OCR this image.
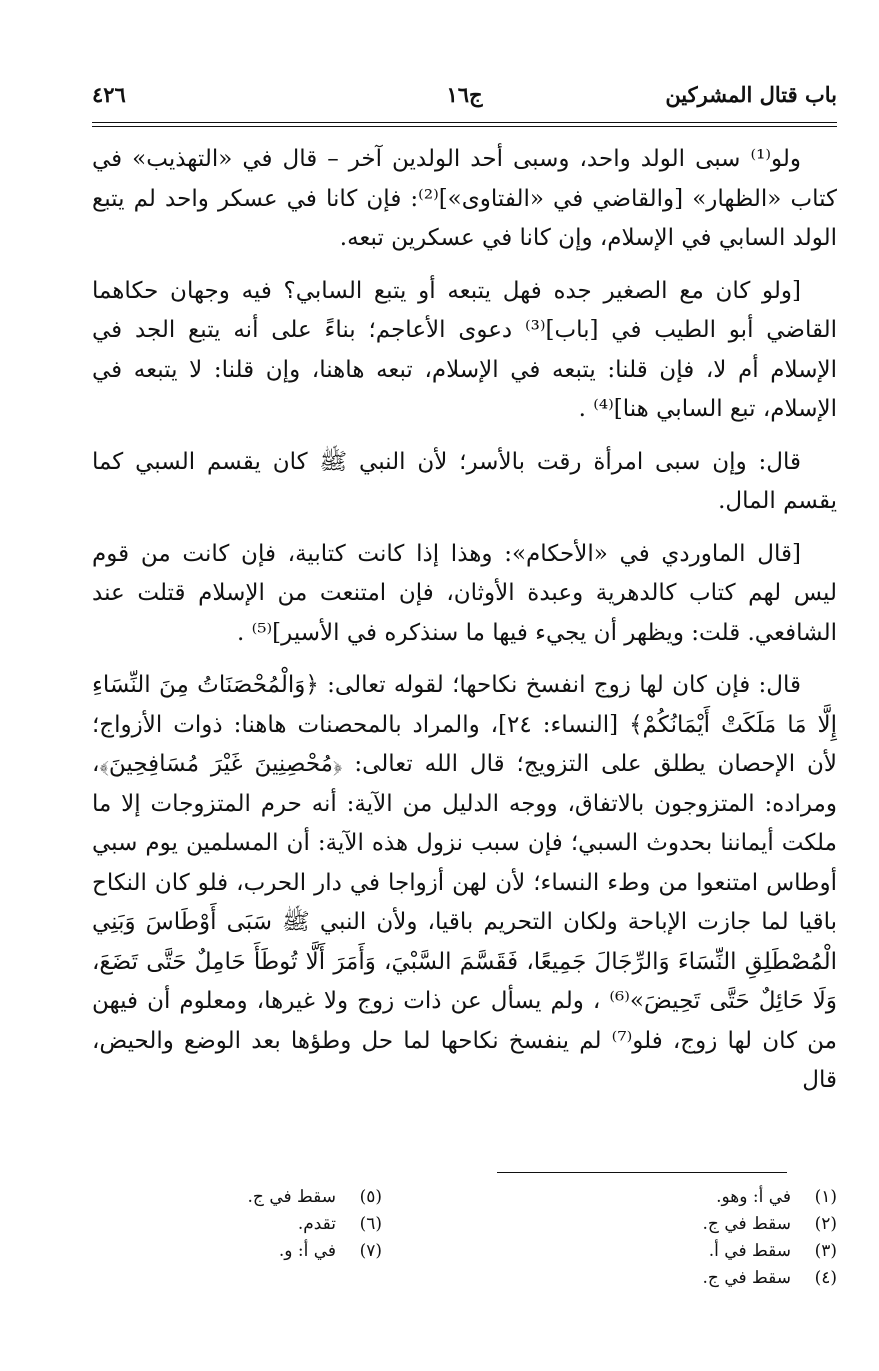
باب قتال المشركين
ج١٦
٤٢٦

ولو⁽¹⁾ سبى الولد واحد، وسبى أحد الولدين آخر – قال في «التهذيب» في كتاب «الظهار» [والقاضي في «الفتاوى»]⁽²⁾: فإن كانا في عسكر واحد لم يتبع الولد السابي في الإسلام، وإن كانا في عسكرين تبعه.

[ولو كان مع الصغير جده فهل يتبعه أو يتبع السابي؟ فيه وجهان حكاهما القاضي أبو الطيب في [باب]⁽³⁾ دعوى الأعاجم؛ بناءً على أنه يتبع الجد في الإسلام أم لا، فإن قلنا: يتبعه في الإسلام، تبعه هاهنا، وإن قلنا: لا يتبعه في الإسلام، تبع السابي هنا]⁽⁴⁾ .

قال: وإن سبى امرأة رقت بالأسر؛ لأن النبي ﷺ كان يقسم السبي كما يقسم المال.

[قال الماوردي في «الأحكام»: وهذا إذا كانت كتابية، فإن كانت من قوم ليس لهم كتاب كالدهرية وعبدة الأوثان، فإن امتنعت من الإسلام قتلت عند الشافعي. قلت: ويظهر أن يجيء فيها ما سنذكره في الأسير]⁽⁵⁾ .

قال: فإن كان لها زوج انفسخ نكاحها؛ لقوله تعالى: ﴿وَالْمُحْصَنَاتُ مِنَ النِّسَاءِ إِلَّا مَا مَلَكَتْ أَيْمَانُكُمْ﴾ [النساء: ٢٤]، والمراد بالمحصنات هاهنا: ذوات الأزواج؛ لأن الإحصان يطلق على التزويج؛ قال الله تعالى: ﴿مُحْصِنِينَ غَيْرَ مُسَافِحِينَ﴾، ومراده: المتزوجون بالاتفاق، ووجه الدليل من الآية: أنه حرم المتزوجات إلا ما ملكت أيماننا بحدوث السبي؛ فإن سبب نزول هذه الآية: أن المسلمين يوم سبي أوطاس امتنعوا من وطء النساء؛ لأن لهن أزواجا في دار الحرب، فلو كان النكاح باقيا لما جازت الإباحة ولكان التحريم باقيا، ولأن النبي ﷺ سَبَى أَوْطَاسَ وَبَنِي الْمُصْطَلِقِ النِّسَاءَ وَالرِّجَالَ جَمِيعًا، فَقَسَّمَ السَّبْيَ، وَأَمَرَ أَلَّا تُوطَأَ حَامِلٌ حَتَّى تَضَعَ، وَلَا حَائِلٌ حَتَّى تَحِيضَ»⁽⁶⁾ ، ولم يسأل عن ذات زوج ولا غيرها، ومعلوم أن فيهن من كان لها زوج، فلو⁽⁷⁾ لم ينفسخ نكاحها لما حل وطؤها بعد الوضع والحيض، قال

(١)في أ: وهو.
(٢)سقط في ج.
(٣)سقط في أ.
(٤)سقط في ج.
(٥)سقط في ج.
(٦)تقدم.
(٧)في أ: و.
